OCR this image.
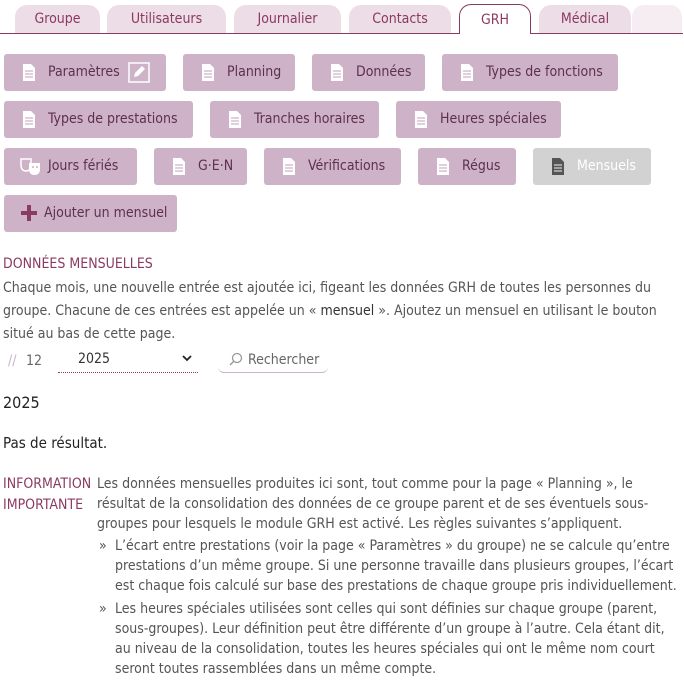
Groupe	Utilisateurs	Journalier	Contacts	GRH	Médical
Paramètres	Planning	Données	Types de fonctions
Types de prestations	Tranches horaires	Heures spéciales
Jours fériés	G·E·N	Vérifications	Régus	Mensuels
Ajouter un mensuel
DONNÉES MENSUELLES
Chaque mois, une nouvelle entrée est ajoutée ici, figeant les données GRH de toutes les personnes du groupe. Chacune de ces entrées est appelée un « mensuel ». Ajoutez un mensuel en utilisant le bouton situé au bas de cette page.
// 12	2025	Rechercher
2025
Pas de résultat.
INFORMATION
IMPORTANTE

Les données mensuelles produites ici sont, tout comme pour la page « Planning », le résultat de la consolidation des données de ce groupe parent et de ses éventuels sous-groupes pour lesquels le module GRH est activé. Les règles suivantes s’appliquent.

» L’écart entre prestations (voir la page « Paramètres » du groupe) ne se calcule qu’entre prestations d’un même groupe. Si une personne travaille dans plusieurs groupes, l’écart est chaque fois calculé sur base des prestations de chaque groupe pris individuellement.
» Les heures spéciales utilisées sont celles qui sont définies sur chaque groupe (parent, sous-groupes). Leur définition peut être différente d’un groupe à l’autre. Cela étant dit, au niveau de la consolidation, toutes les heures spéciales qui ont le même nom court seront toutes rassemblées dans un même compte.
